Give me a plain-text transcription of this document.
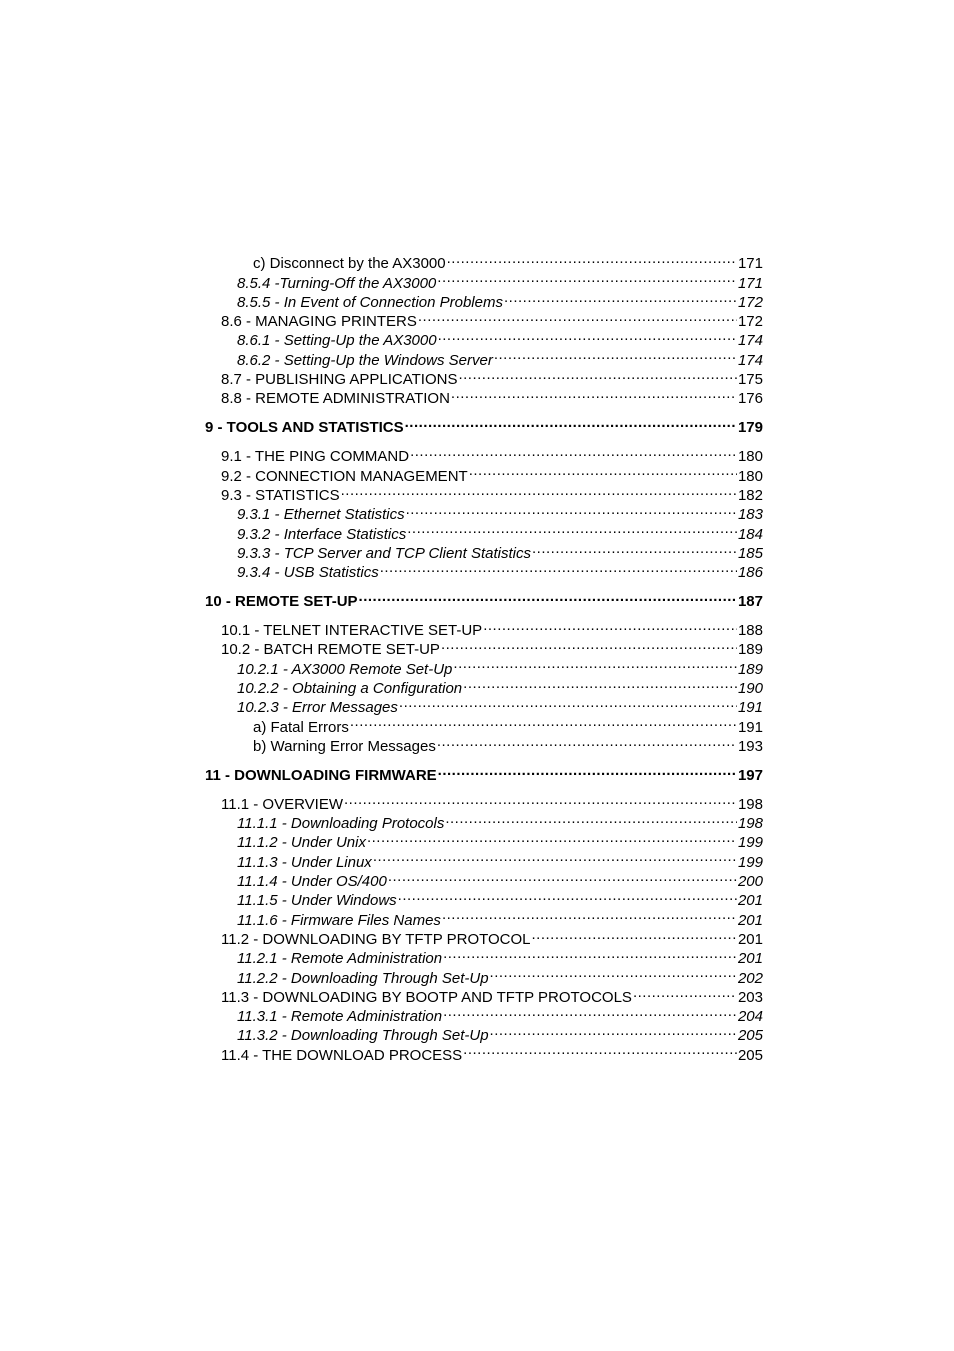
c) Disconnect by the AX3000 .....	171
8.5.4 -Turning-Off the AX3000 .....	171
8.5.5 - In Event of Connection Problems .....	172
8.6 - MANAGING PRINTERS .....	172
8.6.1 - Setting-Up the AX3000 .....	174
8.6.2 - Setting-Up the Windows Server .....	174
8.7 - PUBLISHING APPLICATIONS .....	175
8.8 - REMOTE ADMINISTRATION .....	176
9 - TOOLS AND STATISTICS .....	179
9.1 - THE PING COMMAND .....	180
9.2 - CONNECTION MANAGEMENT .....	180
9.3 - STATISTICS .....	182
9.3.1 - Ethernet Statistics .....	183
9.3.2 - Interface Statistics .....	184
9.3.3 - TCP Server and TCP Client Statistics .....	185
9.3.4 - USB Statistics .....	186
10 - REMOTE SET-UP .....	187
10.1 - TELNET INTERACTIVE SET-UP .....	188
10.2 - BATCH REMOTE SET-UP .....	189
10.2.1 - AX3000 Remote Set-Up .....	189
10.2.2 - Obtaining a Configuration .....	190
10.2.3 - Error Messages .....	191
a) Fatal Errors .....	191
b) Warning Error Messages .....	193
11 - DOWNLOADING FIRMWARE .....	197
11.1 - OVERVIEW .....	198
11.1.1 - Downloading Protocols .....	198
11.1.2 - Under Unix .....	199
11.1.3 - Under Linux .....	199
11.1.4 - Under OS/400 .....	200
11.1.5 - Under Windows .....	201
11.1.6 - Firmware Files Names .....	201
11.2 - DOWNLOADING BY TFTP PROTOCOL .....	201
11.2.1 - Remote Administration .....	201
11.2.2 - Downloading Through Set-Up .....	202
11.3 - DOWNLOADING BY BOOTP AND TFTP PROTOCOLS .....	203
11.3.1 - Remote Administration .....	204
11.3.2 - Downloading Through Set-Up .....	205
11.4 - THE DOWNLOAD PROCESS .....	205
